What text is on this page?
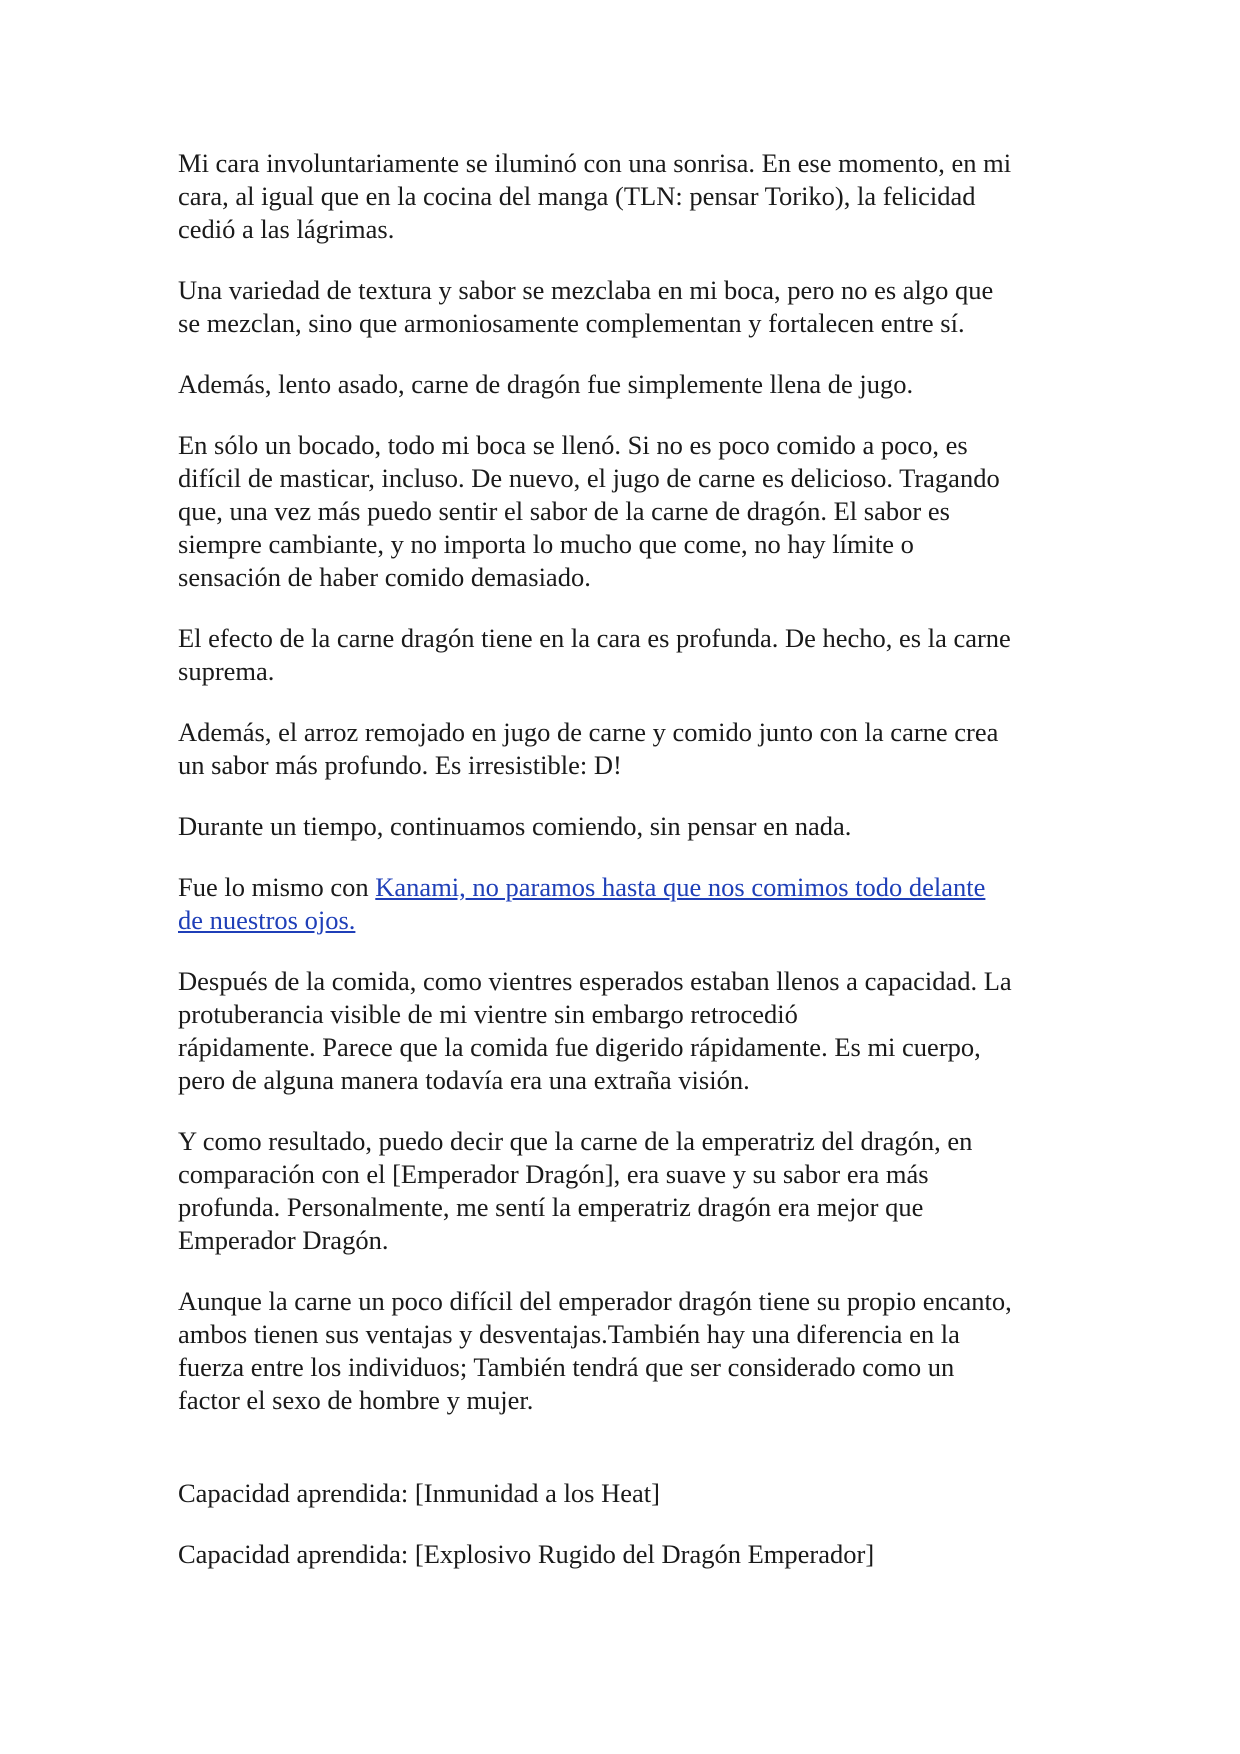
Mi cara involuntariamente se iluminó con una sonrisa. En ese momento, en mi
cara, al igual que en la cocina del manga (TLN: pensar Toriko), la felicidad
cedió a las lágrimas.

Una variedad de textura y sabor se mezclaba en mi boca, pero no es algo que
se mezclan, sino que armoniosamente complementan y fortalecen entre sí.

Además, lento asado, carne de dragón fue simplemente llena de jugo.

En sólo un bocado, todo mi boca se llenó. Si no es poco comido a poco, es
difícil de masticar, incluso. De nuevo, el jugo de carne es delicioso. Tragando
que, una vez más puedo sentir el sabor de la carne de dragón. El sabor es
siempre cambiante, y no importa lo mucho que come, no hay límite o
sensación de haber comido demasiado.

El efecto de la carne dragón tiene en la cara es profunda. De hecho, es la carne
suprema.

Además, el arroz remojado en jugo de carne y comido junto con la carne crea
un sabor más profundo. Es irresistible: D!

Durante un tiempo, continuamos comiendo, sin pensar en nada.

Fue lo mismo con Kanami, no paramos hasta que nos comimos todo delante
de nuestros ojos.

Después de la comida, como vientres esperados estaban llenos a capacidad. La
protuberancia visible de mi vientre sin embargo retrocedió
rápidamente. Parece que la comida fue digerido rápidamente. Es mi cuerpo,
pero de alguna manera todavía era una extraña visión.

Y como resultado, puedo decir que la carne de la emperatriz del dragón, en
comparación con el [Emperador Dragón], era suave y su sabor era más
profunda. Personalmente, me sentí la emperatriz dragón era mejor que
Emperador Dragón.

Aunque la carne un poco difícil del emperador dragón tiene su propio encanto,
ambos tienen sus ventajas y desventajas.También hay una diferencia en la
fuerza entre los individuos; También tendrá que ser considerado como un
factor el sexo de hombre y mujer.

Capacidad aprendida: [Inmunidad a los Heat]

Capacidad aprendida: [Explosivo Rugido del Dragón Emperador]
